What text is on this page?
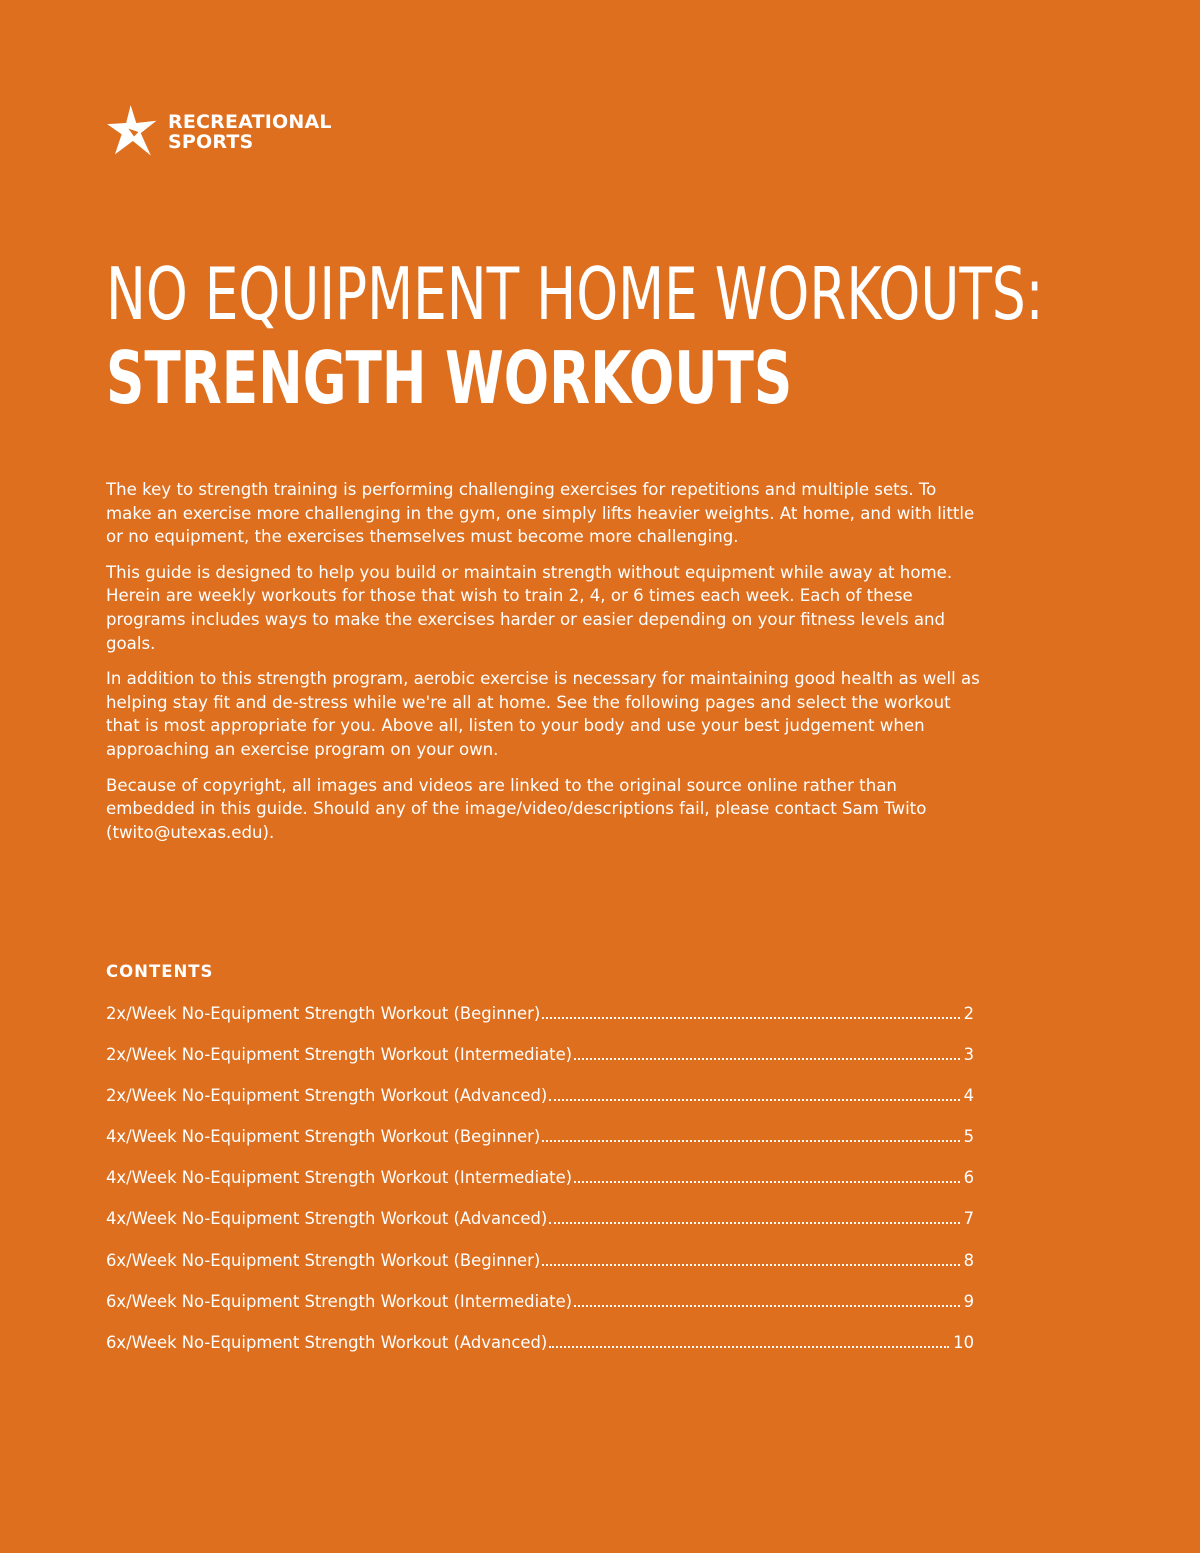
RECREATIONAL
SPORTS
NO EQUIPMENT HOME WORKOUTS:
STRENGTH WORKOUTS

The key to strength training is performing challenging exercises for repetitions and multiple sets. To make an exercise more challenging in the gym, one simply lifts heavier weights. At home, and with little or no equipment, the exercises themselves must become more challenging.

This guide is designed to help you build or maintain strength without equipment while away at home. Herein are weekly workouts for those that wish to train 2, 4, or 6 times each week. Each of these programs includes ways to make the exercises harder or easier depending on your fitness levels and goals.

In addition to this strength program, aerobic exercise is necessary for maintaining good health as well as helping stay fit and de-stress while we're all at home. See the following pages and select the workout that is most appropriate for you. Above all, listen to your body and use your best judgement when approaching an exercise program on your own.

Because of copyright, all images and videos are linked to the original source online rather than embedded in this guide. Should any of the image/video/descriptions fail, please contact Sam Twito (twito@utexas.edu).

CONTENTS
2x/Week No-Equipment Strength Workout (Beginner)	2
2x/Week No-Equipment Strength Workout (Intermediate)	3
2x/Week No-Equipment Strength Workout (Advanced)	4
4x/Week No-Equipment Strength Workout (Beginner)	5
4x/Week No-Equipment Strength Workout (Intermediate)	6
4x/Week No-Equipment Strength Workout (Advanced)	7
6x/Week No-Equipment Strength Workout (Beginner)	8
6x/Week No-Equipment Strength Workout (Intermediate)	9
6x/Week No-Equipment Strength Workout (Advanced)	10
